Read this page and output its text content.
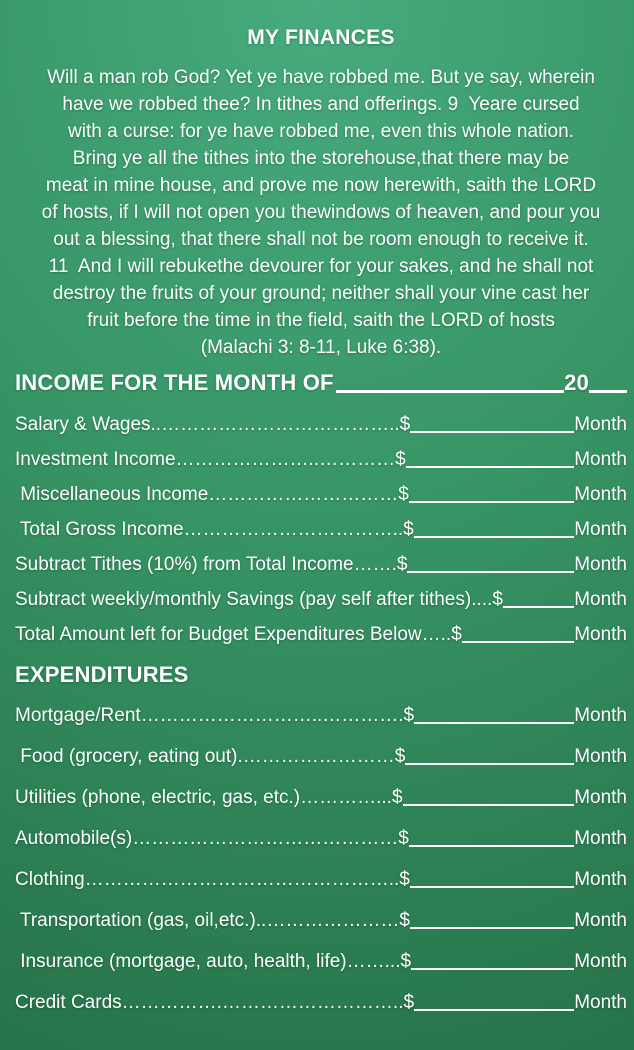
MY FINANCES
Will a man rob God? Yet ye have robbed me. But ye say, wherein
have we robbed thee? In tithes and offerings. 9  Yeare cursed
with a curse: for ye have robbed me, even this whole nation.
Bring ye all the tithes into the storehouse,that there may be
meat in mine house, and prove me now herewith, saith the LORD
of hosts, if I will not open you thewindows of heaven, and pour you
out a blessing, that there shall not be room enough to receive it.
11  And I will rebukethe devourer for your sakes, and he shall not
destroy the fruits of your ground; neither shall your vine cast her
fruit before the time in the field, saith the LORD of hosts
(Malachi 3: 8-11, Luke 6:38).
INCOME FOR THE MONTH OF	20
Salary & Wages ..……………………………….. $	Month
Investment Income …………………..………… $	Month
Miscellaneous Income ………………………… $	Month
Total Gross Income …………………………….. $	Month
Subtract Tithes (10%) from Total Income ……. $	Month
Subtract weekly/monthly Savings (pay self after tithes) .... $	Month
Total Amount left for Budget Expenditures Below ….. $	Month
EXPENDITURES
Mortgage/Rent ………………………..…………. $	Month
Food (grocery, eating out) .…………………… $	Month
Utilities (phone, electric, gas, etc.) …………... $	Month
Automobile(s) …………………………………… $	Month
Clothing ………………………………………….. $	Month
Transportation (gas, oil,etc.) ..………………… $	Month
Insurance (mortgage, auto, health, life) ……... $	Month
Credit Cards …………….……………………….. $	Month
